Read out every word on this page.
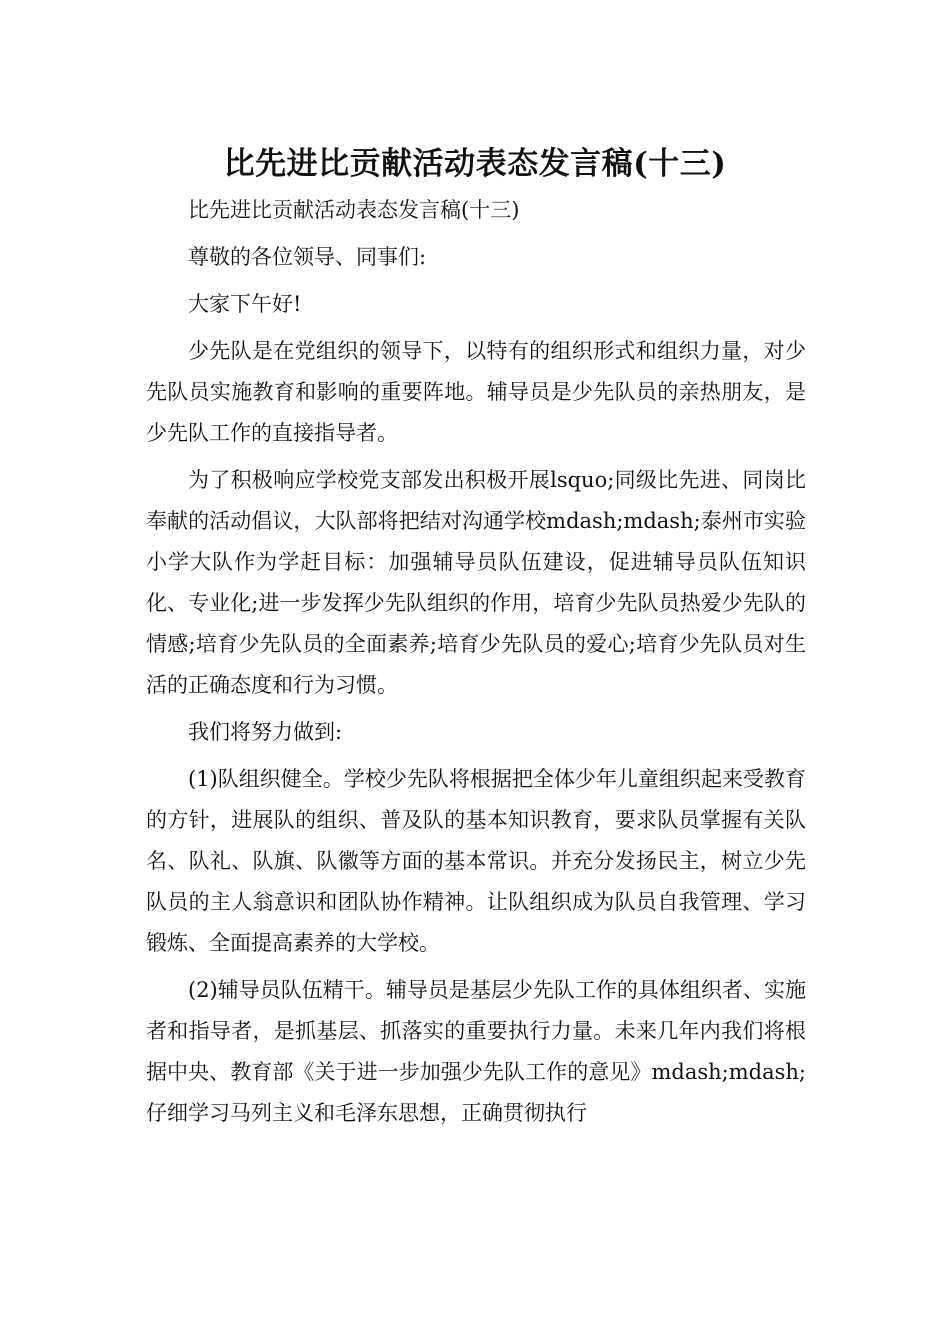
比先进比贡献活动表态发言稿(十三)

比先进比贡献活动表态发言稿(十三)

尊敬的各位领导、同事们:

大家下午好!

少先队是在党组织的领导下，以特有的组织形式和组织力量，对少先队员实施教育和影响的重要阵地。辅导员是少先队员的亲热朋友，是少先队工作的直接指导者。

为了积极响应学校党支部发出积极开展lsquo;同级比先进、同岗比奉献的活动倡议，大队部将把结对沟通学校mdash;mdash;泰州市实验小学大队作为学赶目标：加强辅导员队伍建设，促进辅导员队伍知识化、专业化;进一步发挥少先队组织的作用，培育少先队员热爱少先队的情感;培育少先队员的全面素养;培育少先队员的爱心;培育少先队员对生活的正确态度和行为习惯。

我们将努力做到:

(1)队组织健全。学校少先队将根据把全体少年儿童组织起来受教育的方针，进展队的组织、普及队的基本知识教育，要求队员掌握有关队名、队礼、队旗、队徽等方面的基本常识。并充分发扬民主，树立少先队员的主人翁意识和团队协作精神。让队组织成为队员自我管理、学习锻炼、全面提高素养的大学校。

(2)辅导员队伍精干。辅导员是基层少先队工作的具体组织者、实施者和指导者，是抓基层、抓落实的重要执行力量。未来几年内我们将根据中央、教育部《关于进一步加强少先队工作的意见》mdash;mdash;仔细学习马列主义和毛泽东思想，正确贯彻执行
